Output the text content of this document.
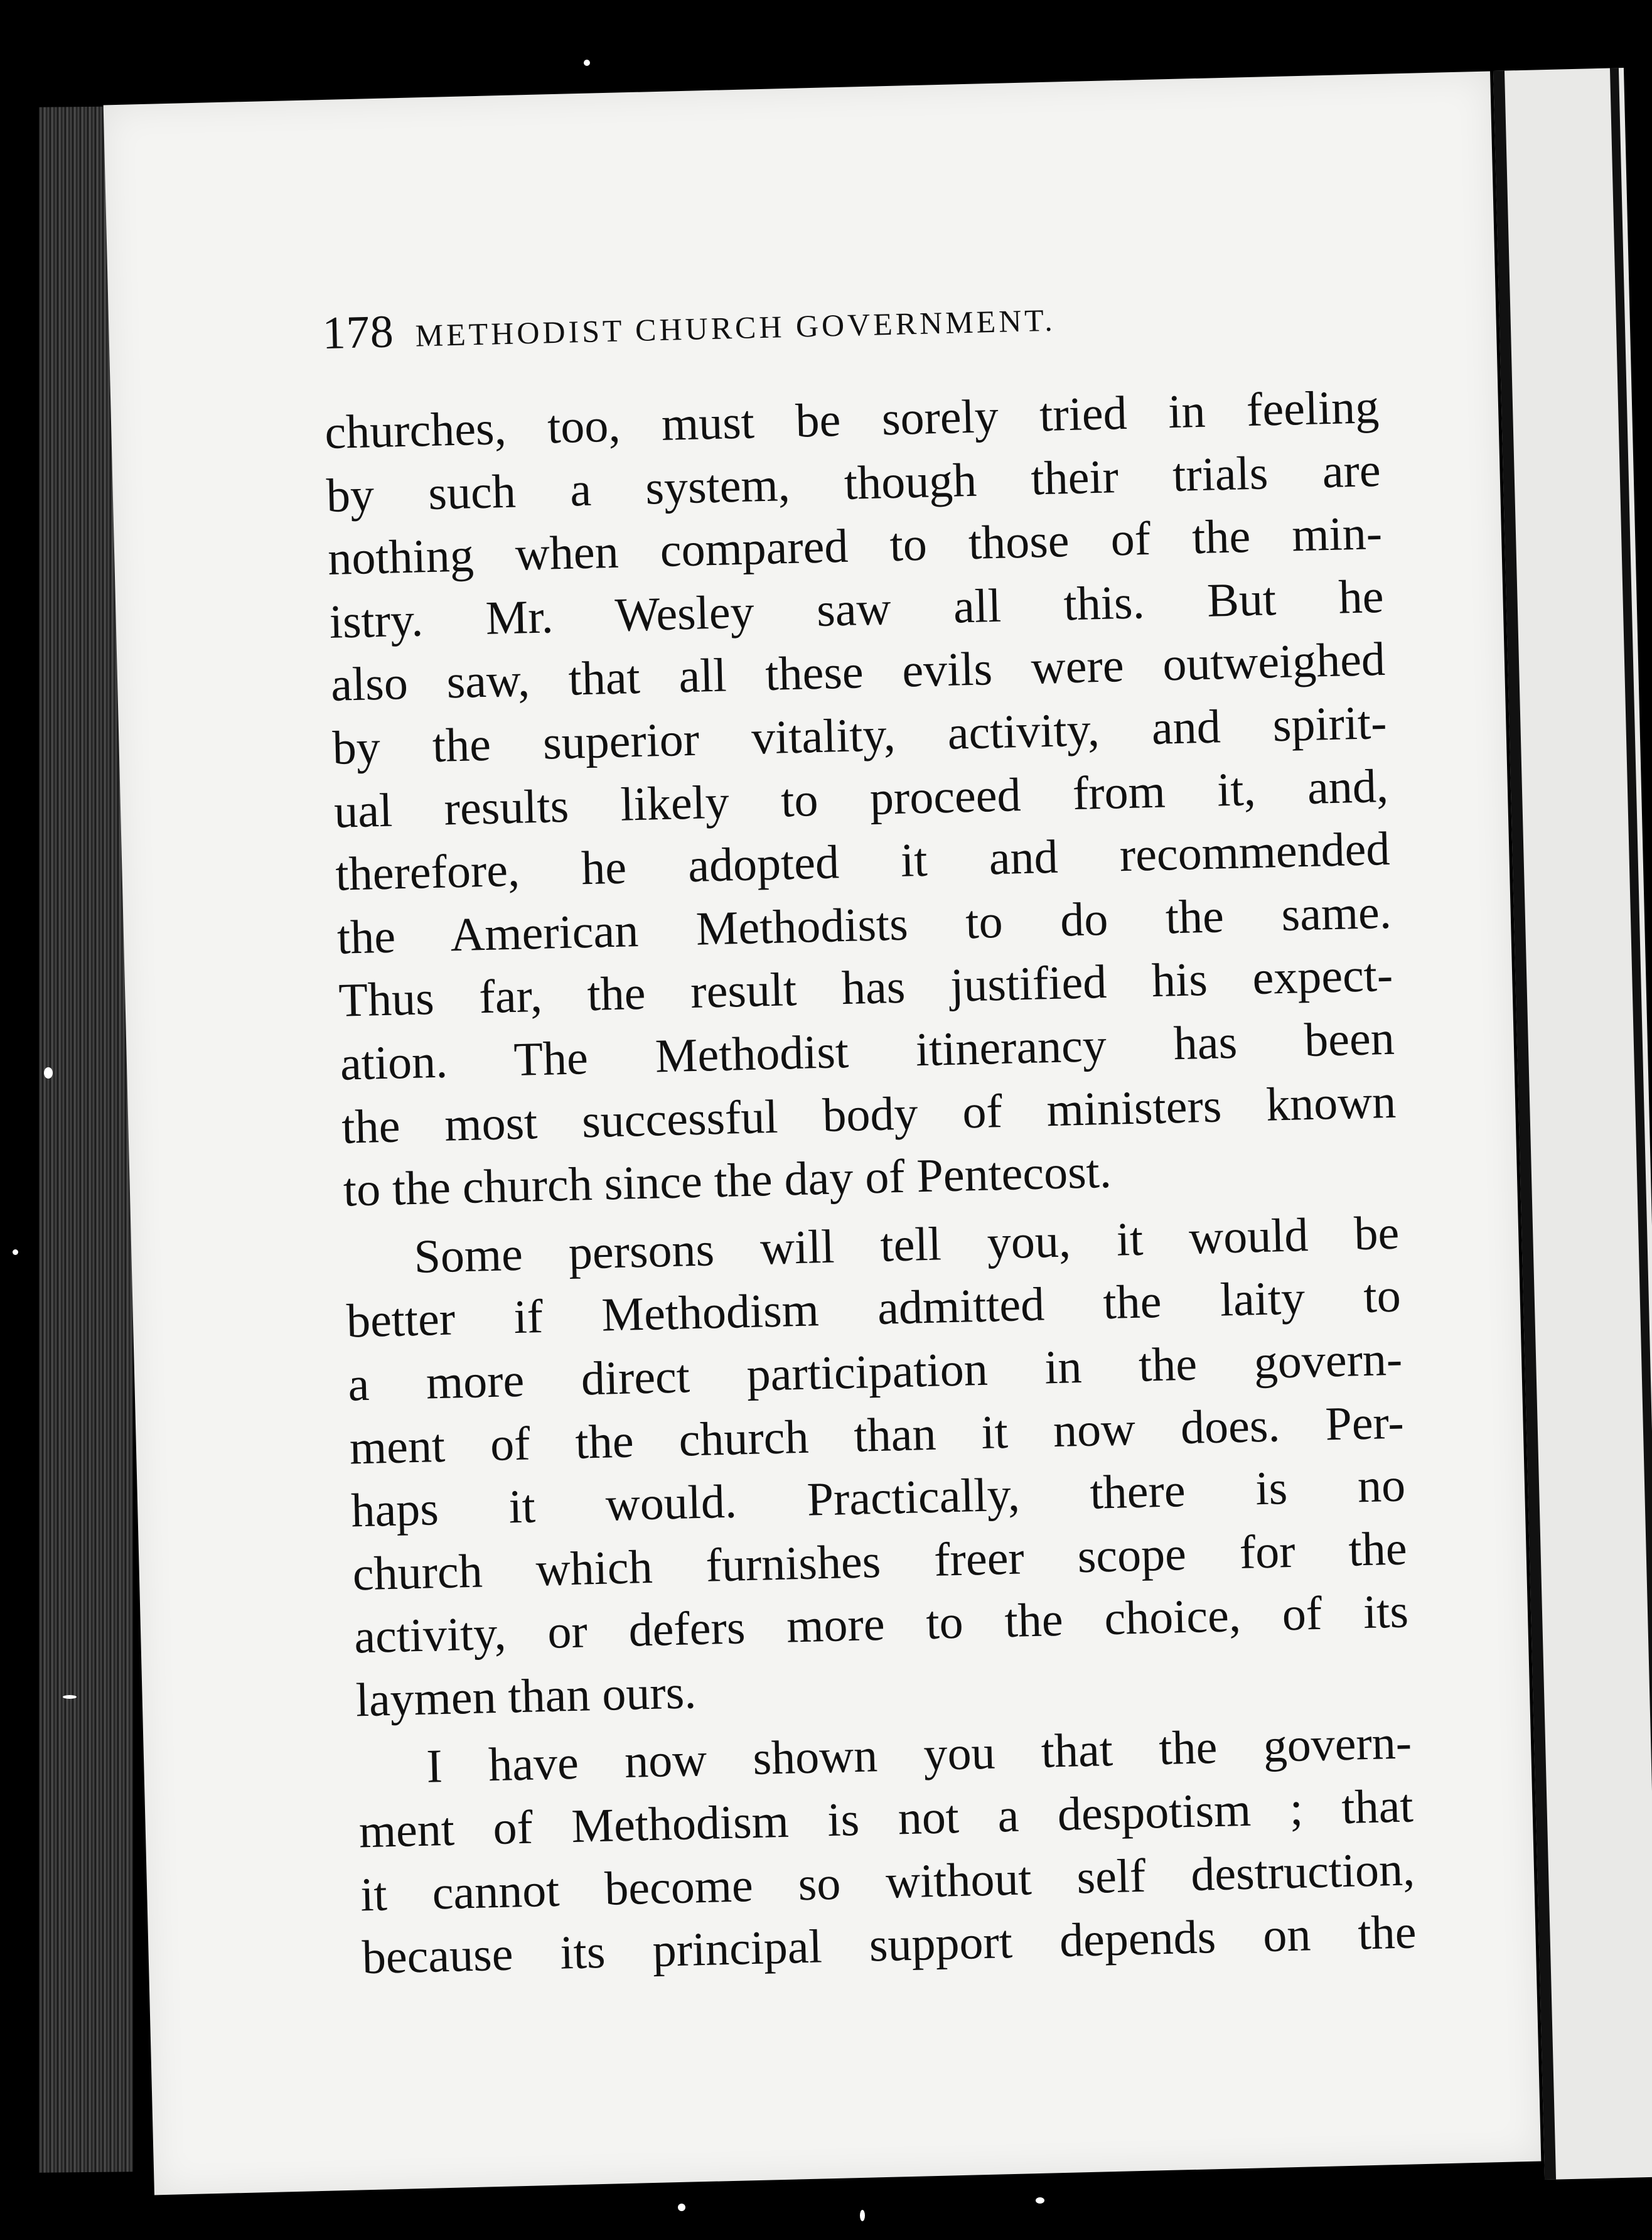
178 METHODIST CHURCH GOVERNMENT.
churches, too, must be sorely tried in feeling
by such a system, though their trials are
nothing when compared to those of the min-
istry. Mr. Wesley saw all this. But he
also saw, that all these evils were outweighed
by the superior vitality, activity, and spirit-
ual results likely to proceed from it, and,
therefore, he adopted it and recommended
the American Methodists to do the same.
Thus far, the result has justified his expect-
ation. The Methodist itinerancy has been
the most successful body of ministers known
to the church since the day of Pentecost.
Some persons will tell you, it would be
better if Methodism admitted the laity to
a more direct participation in the govern-
ment of the church than it now does. Per-
haps it would. Practically, there is no
church which furnishes freer scope for the
activity, or defers more to the choice, of its
laymen than ours.
I have now shown you that the govern-
ment of Methodism is not a despotism ; that
it cannot become so without self destruction,
because its principal support depends on the
